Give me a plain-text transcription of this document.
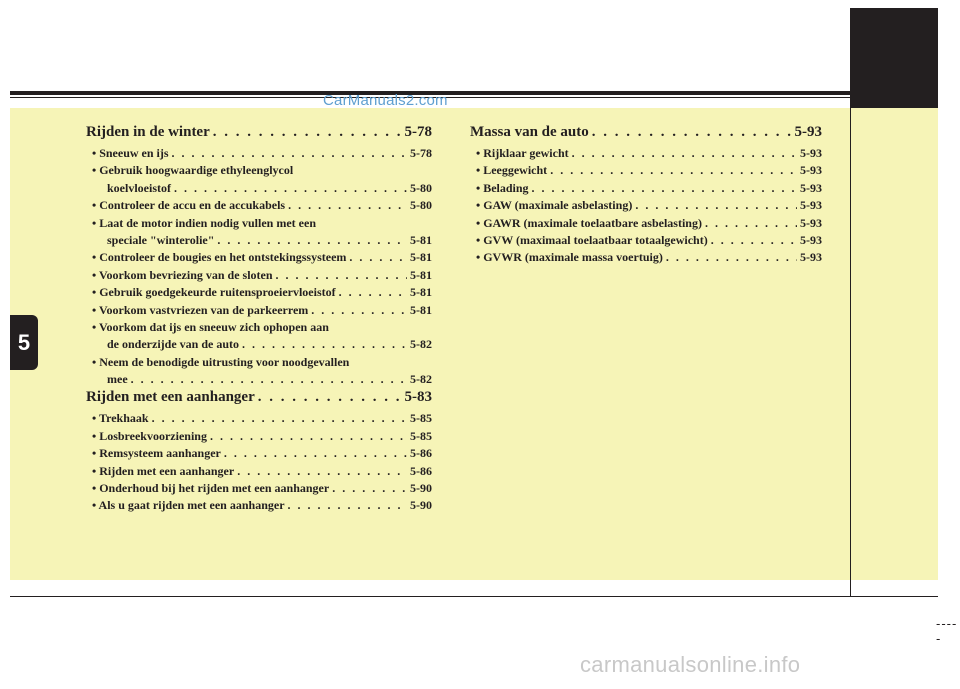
CarManuals2.com
5
Rijden in de winter . . .	5-78
• Sneeuw en ijs . . .	5-78
• Gebruik hoogwaardige ethyleenglycol
koelvloeistof . . .	5-80
• Controleer de accu en de accukabels . . .	5-80
• Laat de motor indien nodig vullen met een
speciale "winterolie" . . .	5-81
• Controleer de bougies en het ontstekingssysteem . . .	5-81
• Voorkom bevriezing van de sloten . . .	5-81
• Gebruik goedgekeurde ruitensproeiervloeistof . . .	5-81
• Voorkom vastvriezen van de parkeerrem . . .	5-81
• Voorkom dat ijs en sneeuw zich ophopen aan
de onderzijde van de auto . . .	5-82
• Neem de benodigde uitrusting voor noodgevallen
mee . . .	5-82
Rijden met een aanhanger . . .	5-83
• Trekhaak . . .	5-85
• Losbreekvoorziening . . .	5-85
• Remsysteem aanhanger . . .	5-86
• Rijden met een aanhanger . . .	5-86
• Onderhoud bij het rijden met een aanhanger . . .	5-90
• Als u gaat rijden met een aanhanger . . .	5-90
Massa van de auto . . .	5-93
• Rijklaar gewicht . . .	5-93
• Leeggewicht . . .	5-93
• Belading . . .	5-93
• GAW (maximale asbelasting) . . .	5-93
• GAWR (maximale toelaatbare asbelasting) . . .	5-93
• GVW (maximaal toelaatbaar totaalgewicht) . . .	5-93
• GVWR (maximale massa voertuig) . . .	5-93
-----
carmanualsonline.info
